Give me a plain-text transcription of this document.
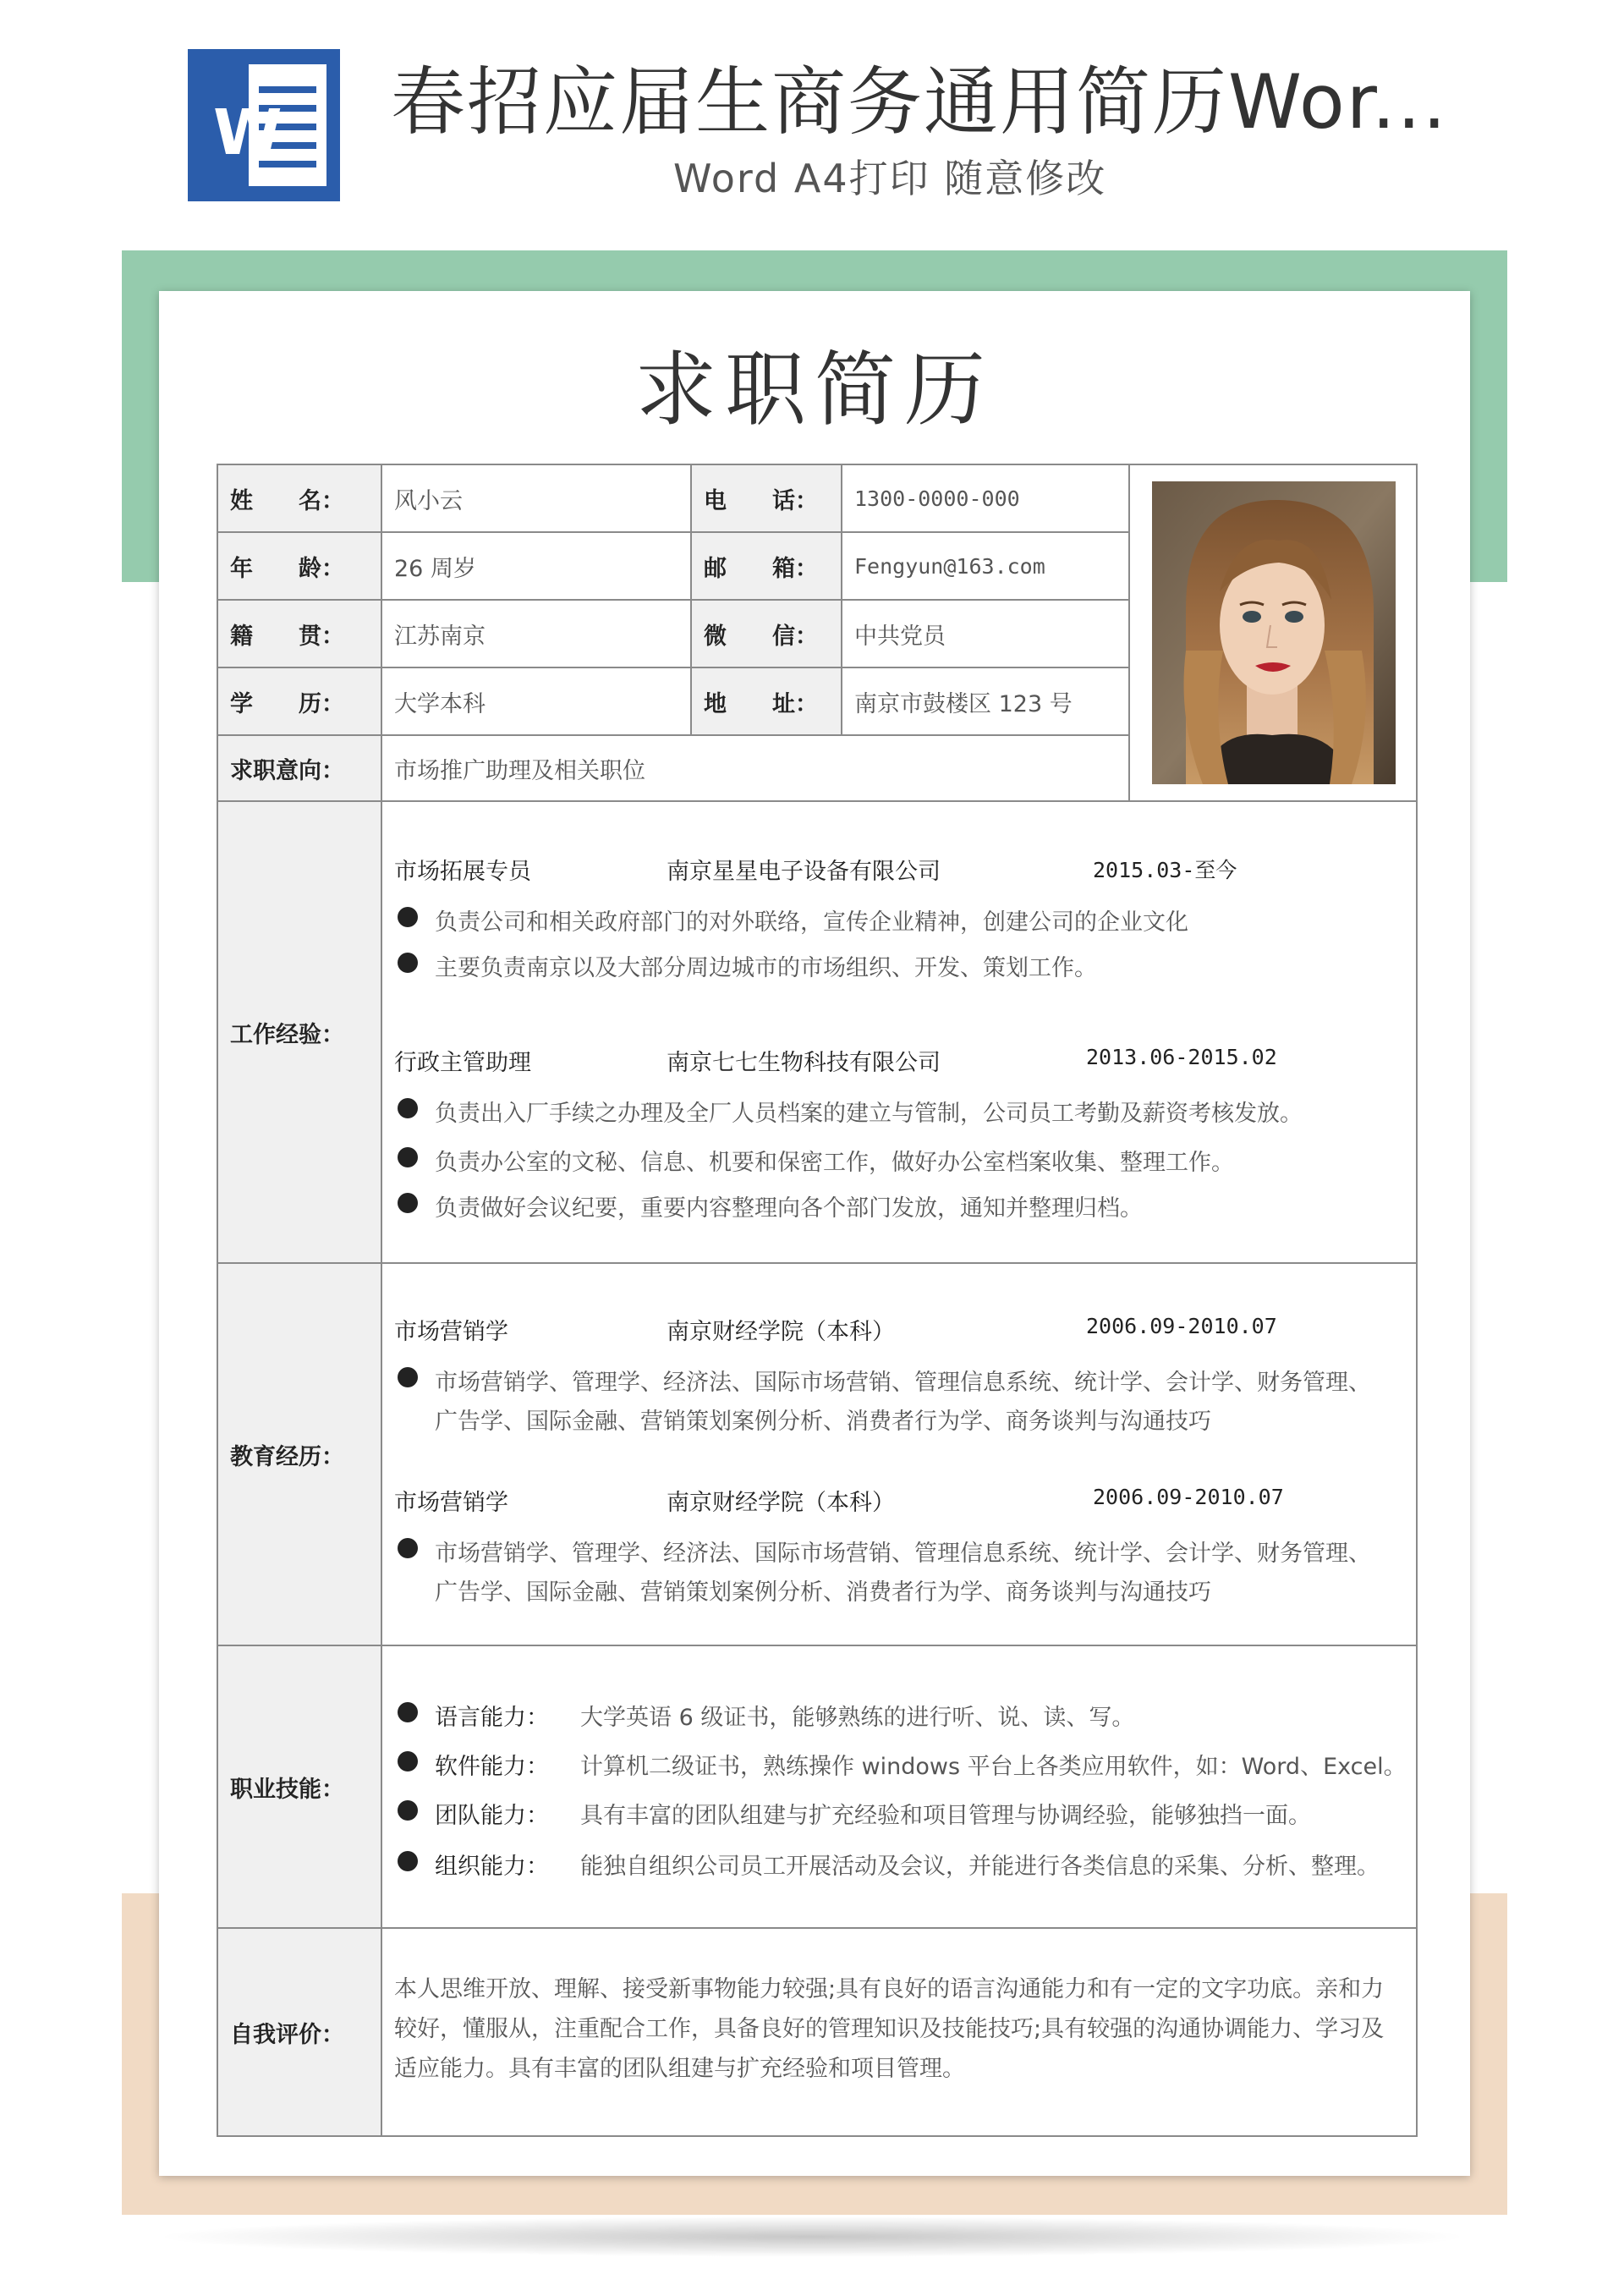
W 春招应届生商务通用简历Wor...
Word A4打印 随意修改
求职简历
姓　　名：	风小云	电　　话：	1300-0000-000
年　　龄：	26 周岁	邮　　箱：	Fengyun@163.com
籍　　贯：	江苏南京	微　　信：	中共党员
学　　历：	大学本科	地　　址：	南京市鼓楼区 123 号
求职意向：	市场推广助理及相关职位
工作经验：
市场拓展专员	南京星星电子设备有限公司	2015.03-至今
负责公司和相关政府部门的对外联络，宣传企业精神，创建公司的企业文化
主要负责南京以及大部分周边城市的市场组织、开发、策划工作。
行政主管助理	南京七七生物科技有限公司	2013.06-2015.02
负责出入厂手续之办理及全厂人员档案的建立与管制，公司员工考勤及薪资考核发放。
负责办公室的文秘、信息、机要和保密工作，做好办公室档案收集、整理工作。
负责做好会议纪要，重要内容整理向各个部门发放，通知并整理归档。
教育经历：
市场营销学	南京财经学院（本科）	2006.09-2010.07
市场营销学、管理学、经济法、国际市场营销、管理信息系统、统计学、会计学、财务管理、
广告学、国际金融、营销策划案例分析、消费者行为学、商务谈判与沟通技巧
市场营销学	南京财经学院（本科）	2006.09-2010.07
市场营销学、管理学、经济法、国际市场营销、管理信息系统、统计学、会计学、财务管理、
广告学、国际金融、营销策划案例分析、消费者行为学、商务谈判与沟通技巧
职业技能：
语言能力： 大学英语 6 级证书，能够熟练的进行听、说、读、写。
软件能力： 计算机二级证书，熟练操作 windows 平台上各类应用软件，如：Word、Excel。
团队能力： 具有丰富的团队组建与扩充经验和项目管理与协调经验，能够独挡一面。
组织能力： 能独自组织公司员工开展活动及会议，并能进行各类信息的采集、分析、整理。
自我评价：
本人思维开放、理解、接受新事物能力较强;具有良好的语言沟通能力和有一定的文字功底。亲和力较好，懂服从，注重配合工作，具备良好的管理知识及技能技巧;具有较强的沟通协调能力、学习及适应能力。具有丰富的团队组建与扩充经验和项目管理。
